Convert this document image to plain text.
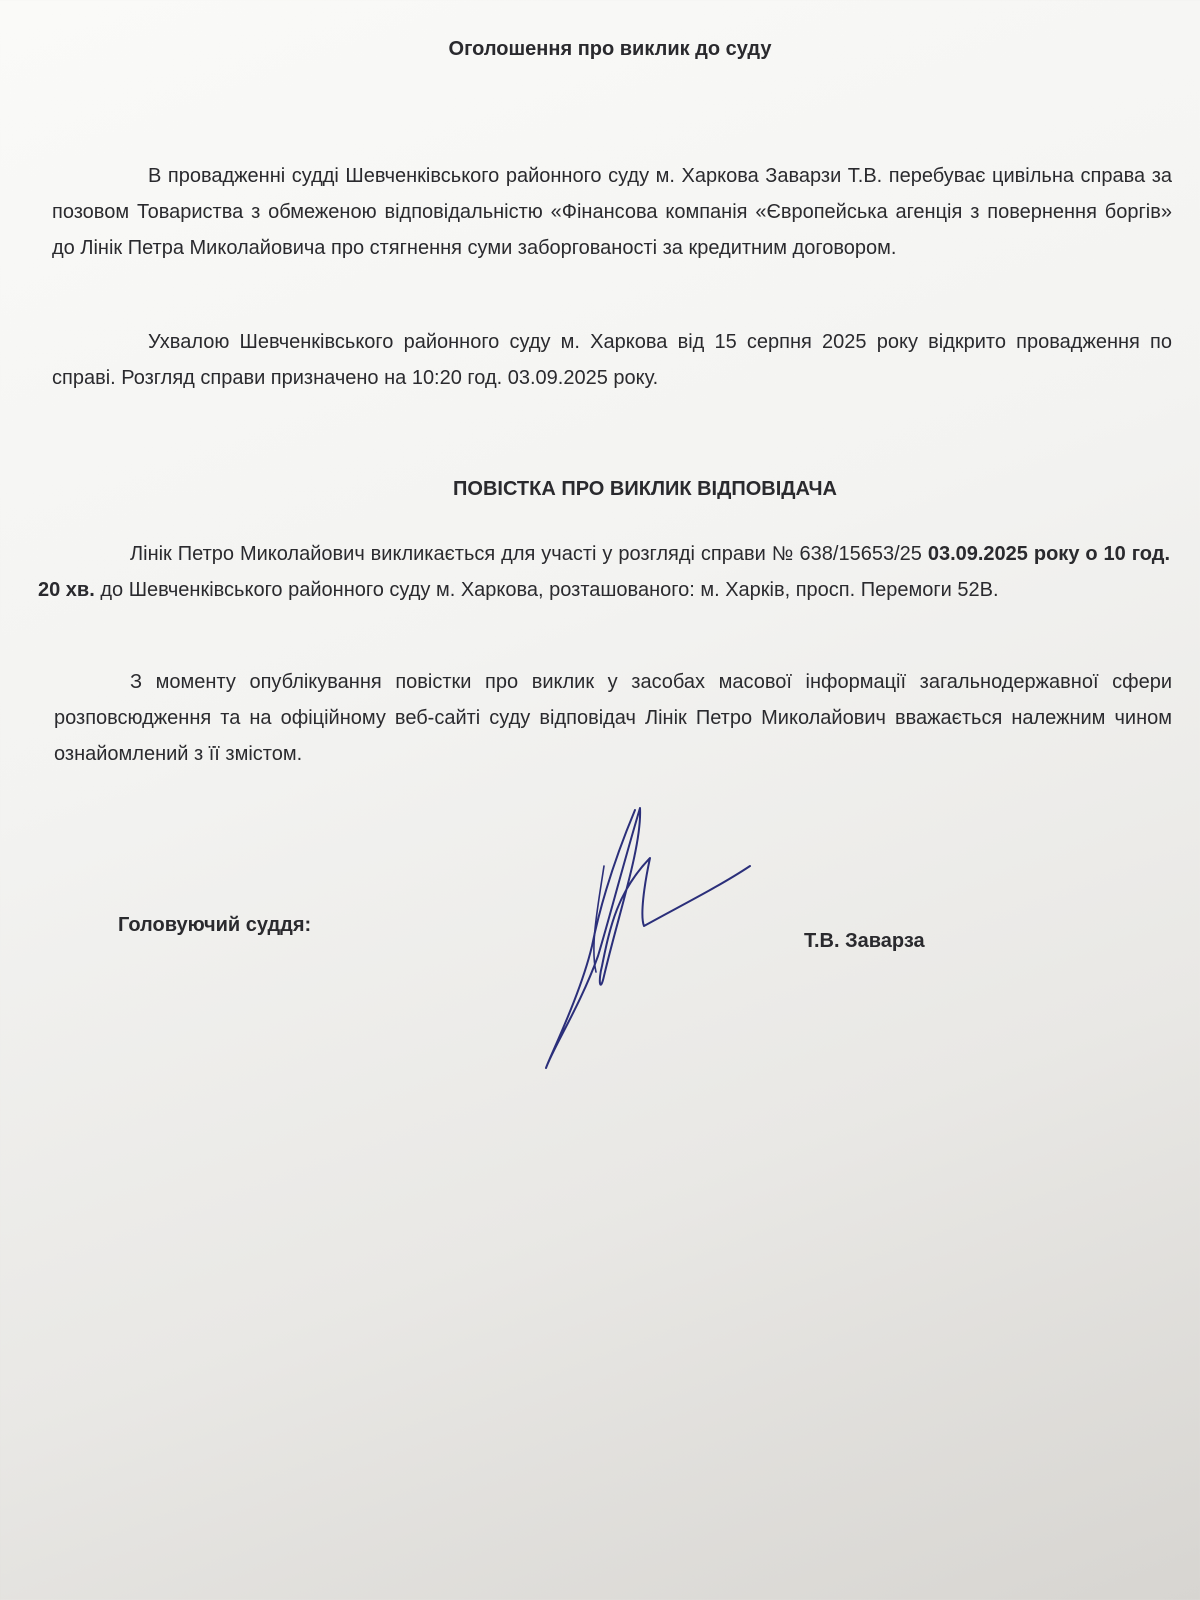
Оголошення про виклик до суду

В провадженні судді Шевченківського районного суду м. Харкова Заварзи Т.В. перебуває цивільна справа за позовом Товариства з обмеженою відповідальністю «Фінансова компанія «Європейська агенція з повернення боргів» до Лінік Петра Миколайовича про стягнення суми заборгованості за кредитним договором.

Ухвалою Шевченківського районного суду м. Харкова від 15 серпня 2025 року відкрито провадження по справі. Розгляд справи призначено на 10:20 год. 03.09.2025 року.

ПОВІСТКА ПРО ВИКЛИК ВІДПОВІДАЧА

Лінік Петро Миколайович викликається для участі у розгляді справи № 638/15653/25 03.09.2025 року о 10 год. 20 хв. до Шевченківського районного суду м. Харкова, розташованого: м. Харків, просп. Перемоги 52В.

З моменту опублікування повістки про виклик у засобах масової інформації загальнодержавної сфери розповсюдження та на офіційному веб-сайті суду відповідач Лінік Петро Миколайович вважається належним чином ознайомлений з її змістом.

Головуючий суддя:
Т.В. Заварза
